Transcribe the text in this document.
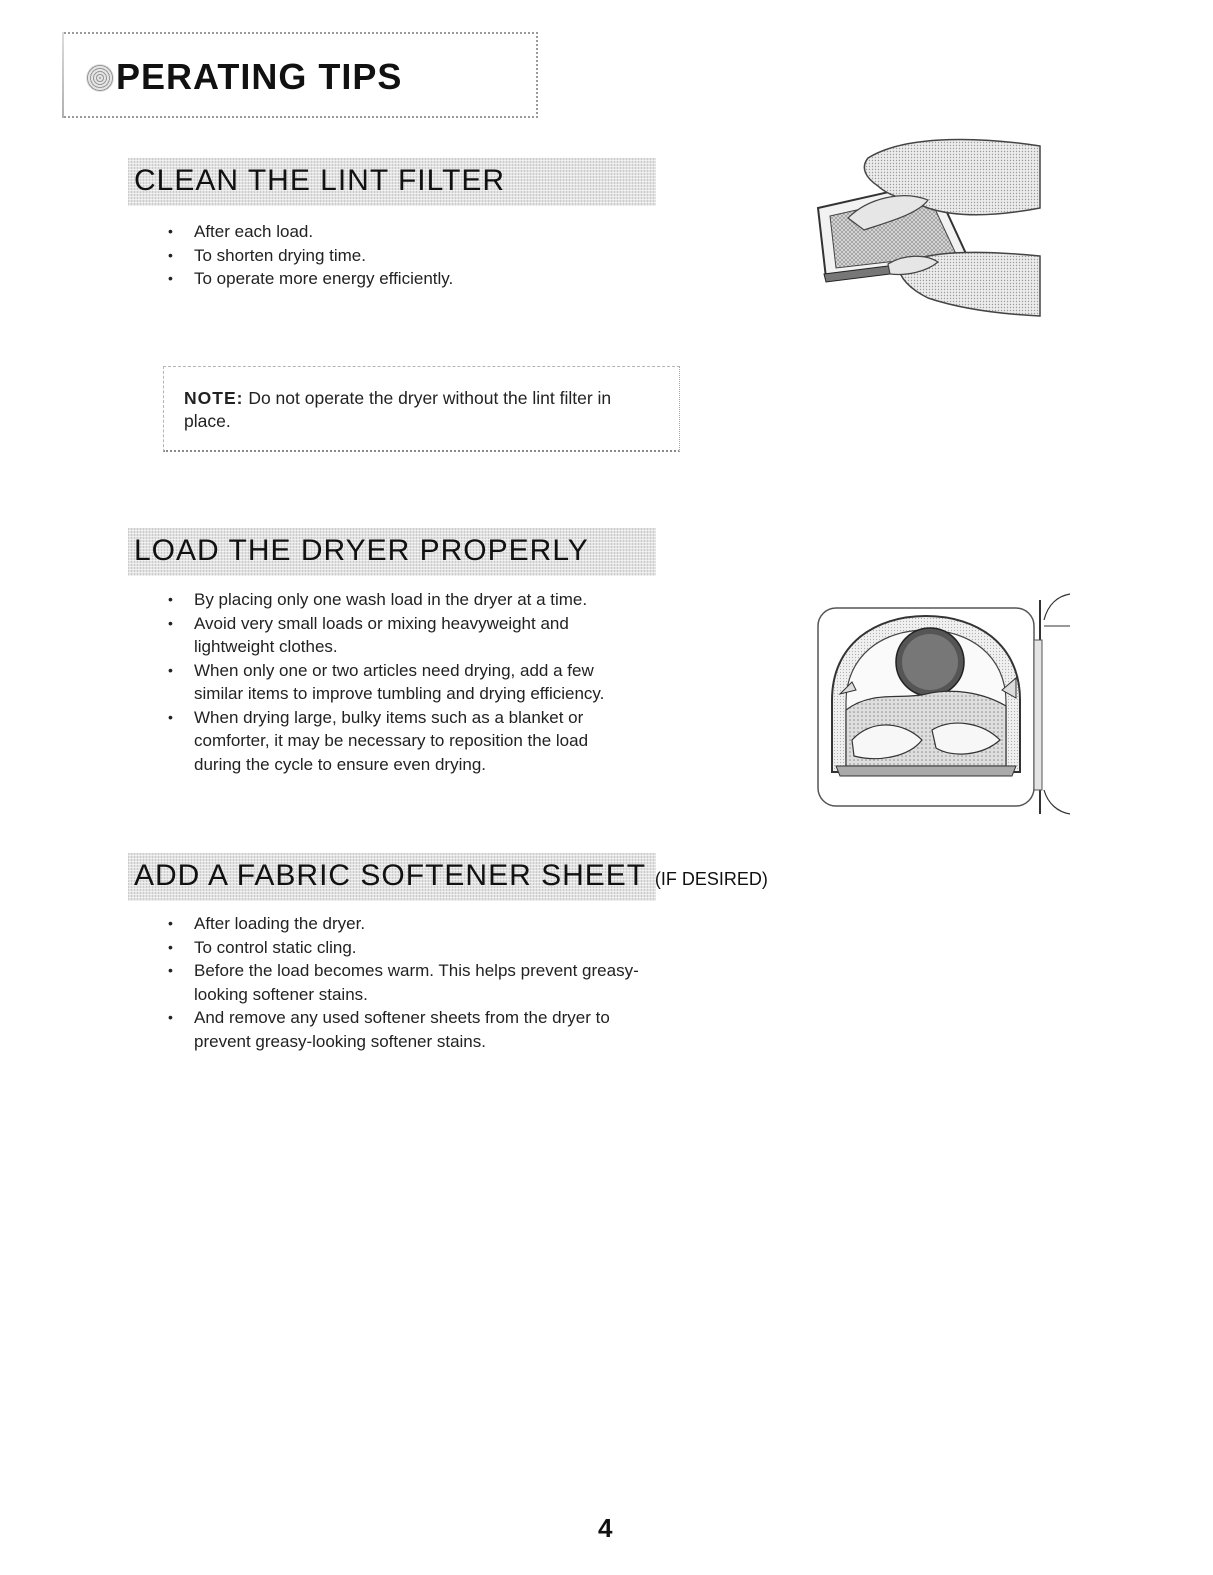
PERATING TIPS
CLEAN THE LINT FILTER
• After each load.
• To shorten drying time.
• To operate more energy efficiently.
NOTE: Do not operate the dryer without the lint filter in place.
LOAD THE DRYER PROPERLY
• By placing only one wash load in the dryer at a time.
• Avoid very small loads or mixing heavyweight and lightweight clothes.
• When only one or two articles need drying, add a few similar items to improve tumbling and drying efficiency.
• When drying large, bulky items such as a blanket or comforter, it may be necessary to reposition the load during the cycle to ensure even drying.
ADD A FABRIC SOFTENER SHEET (IF DESIRED)
• After loading the dryer.
• To control static cling.
• Before the load becomes warm. This helps prevent greasy-looking softener stains.
• And remove any used softener sheets from the dryer to prevent greasy-looking softener stains.
4
